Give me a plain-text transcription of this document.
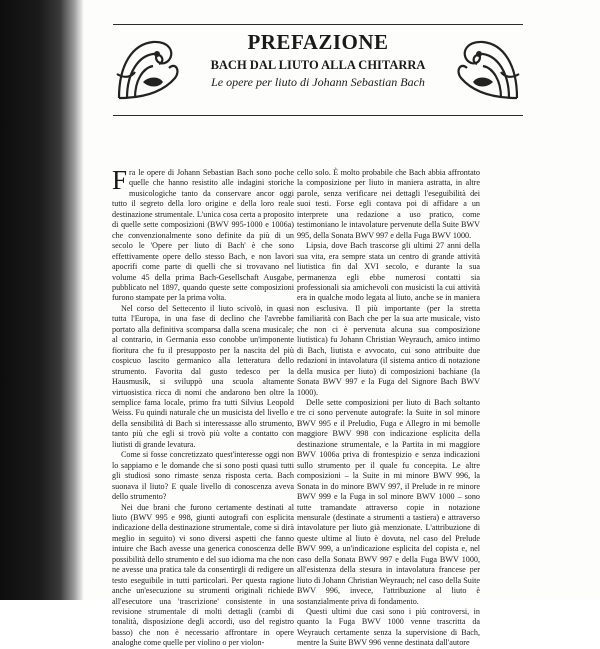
PREFAZIONE
BACH DAL LIUTO ALLA CHITARRA
Le opere per liuto di Johann Sebastian Bach

Fra le opere di Johann Sebastian Bach sono poche quelle che hanno resistito alle indagini storiche musicologiche tanto da conservare ancor oggi tutto il segreto della loro origine e della loro reale destinazione strumentale. L'unica cosa certa a proposito di quelle sette composizioni (BWV 995-1000 e 1006a) che convenzionalmente sono definite da più di un secolo le 'Opere per liuto di Bach' è che sono effettivamente opere dello stesso Bach, e non lavori apocrifi come parte di quelli che si trovavano nel volume 45 della prima Bach-Gesellschaft Ausgabe, pubblicato nel 1897, quando queste sette composizioni furono stampate per la prima volta.

Nel corso del Settecento il liuto scivolò, in quasi tutta l'Europa, in una fase di declino che l'avrebbe portato alla definitiva scomparsa dalla scena musicale; al contrario, in Germania esso conobbe un'imponente fioritura che fu il presupposto per la nascita del più cospicuo lascito germanico alla letteratura dello strumento. Favorita dal gusto tedesco per la Hausmusik, si sviluppò una scuola altamente virtuosistica ricca di nomi che andarono ben oltre la semplice fama locale, primo fra tutti Silvius Leopold Weiss. Fu quindi naturale che un musicista del livello e della sensibilità di Bach si interessasse allo strumento, tanto più che egli si trovò più volte a contatto con liutisti di grande levatura.

Come si fosse concretizzato quest'interesse oggi non lo sappiamo e le domande che si sono posti quasi tutti gli studiosi sono rimaste senza risposta certa. Bach suonava il liuto? E quale livello di conoscenza aveva dello strumento?

Nei due brani che furono certamente destinati al liuto (BWV 995 e 998, giunti autografi con esplicita indicazione della destinazione strumentale, come si dirà meglio in seguito) vi sono diversi aspetti che fanno intuire che Bach avesse una generica conoscenza delle possibilità dello strumento e del suo idioma ma che non ne avesse una pratica tale da consentirgli di redigere un testo eseguibile in tutti particolari. Per questa ragione anche un'esecuzione su strumenti originali richiede all'esecutore una 'trascrizione' consistente in una revisione strumentale di molti dettagli (cambi di tonalità, disposizione degli accordi, uso del registro basso) che non è necessario affrontare in opere analoghe come quelle per violino o per violon-

cello solo. È molto probabile che Bach abbia affrontato la composizione per liuto in maniera astratta, in altre parole, senza verificare nei dettagli l'eseguibilità dei suoi testi. Forse egli contava poi di affidare a un interprete una redazione a uso pratico, come testimoniano le intavolature pervenute della Suite BWV 995, della Sonata BWV 997 e della Fuga BWV 1000.

Lipsia, dove Bach trascorse gli ultimi 27 anni della sua vita, era sempre stata un centro di grande attività liutistica fin dal XVI secolo, e durante la sua permanenza egli ebbe numerosi contatti sia professionali sia amichevoli con musicisti la cui attività era in qualche modo legata al liuto, anche se in maniera non esclusiva. Il più importante (per la stretta familiarità con Bach che per la sua arte musicale, visto che non ci è pervenuta alcuna sua composizione liutistica) fu Johann Christian Weyrauch, amico intimo di Bach, liutista e avvocato, cui sono attribuite due redazioni in intavolatura (il sistema antico di notazione della musica per liuto) di composizioni bachiane (la Sonata BWV 997 e la Fuga del Signore Bach BWV 1000).

Delle sette composizioni per liuto di Bach soltanto tre ci sono pervenute autografe: la Suite in sol minore BWV 995 e il Preludio, Fuga e Allegro in mi bemolle maggiore BWV 998 con indicazione esplicita della destinazione strumentale, e la Partita in mi maggiore BWV 1006a priva di frontespizio e senza indicazioni sullo strumento per il quale fu concepita. Le altre composizioni – la Suite in mi minore BWV 996, la Sonata in do minore BWV 997, il Prelude in re minore BWV 999 e la Fuga in sol minore BWV 1000 – sono tutte tramandate attraverso copie in notazione mensurale (destinate a strumenti a tastiera) e attraverso intavolature per liuto già menzionate. L'attribuzione di queste ultime al liuto è dovuta, nel caso del Prelude BWV 999, a un'indicazione esplicita del copista e, nel caso della Sonata BWV 997 e della Fuga BWV 1000, all'esistenza della stesura in intavolatura francese per liuto di Johann Christian Weyrauch; nel caso della Suite BWV 996, invece, l'attribuzione al liuto è sostanzialmente priva di fondamento.

Questi ultimi due casi sono i più controversi, in quanto la Fuga BWV 1000 venne trascritta da Weyrauch certamente senza la supervisione di Bach, mentre la Suite BWV 996 venne destinata dall'autore
